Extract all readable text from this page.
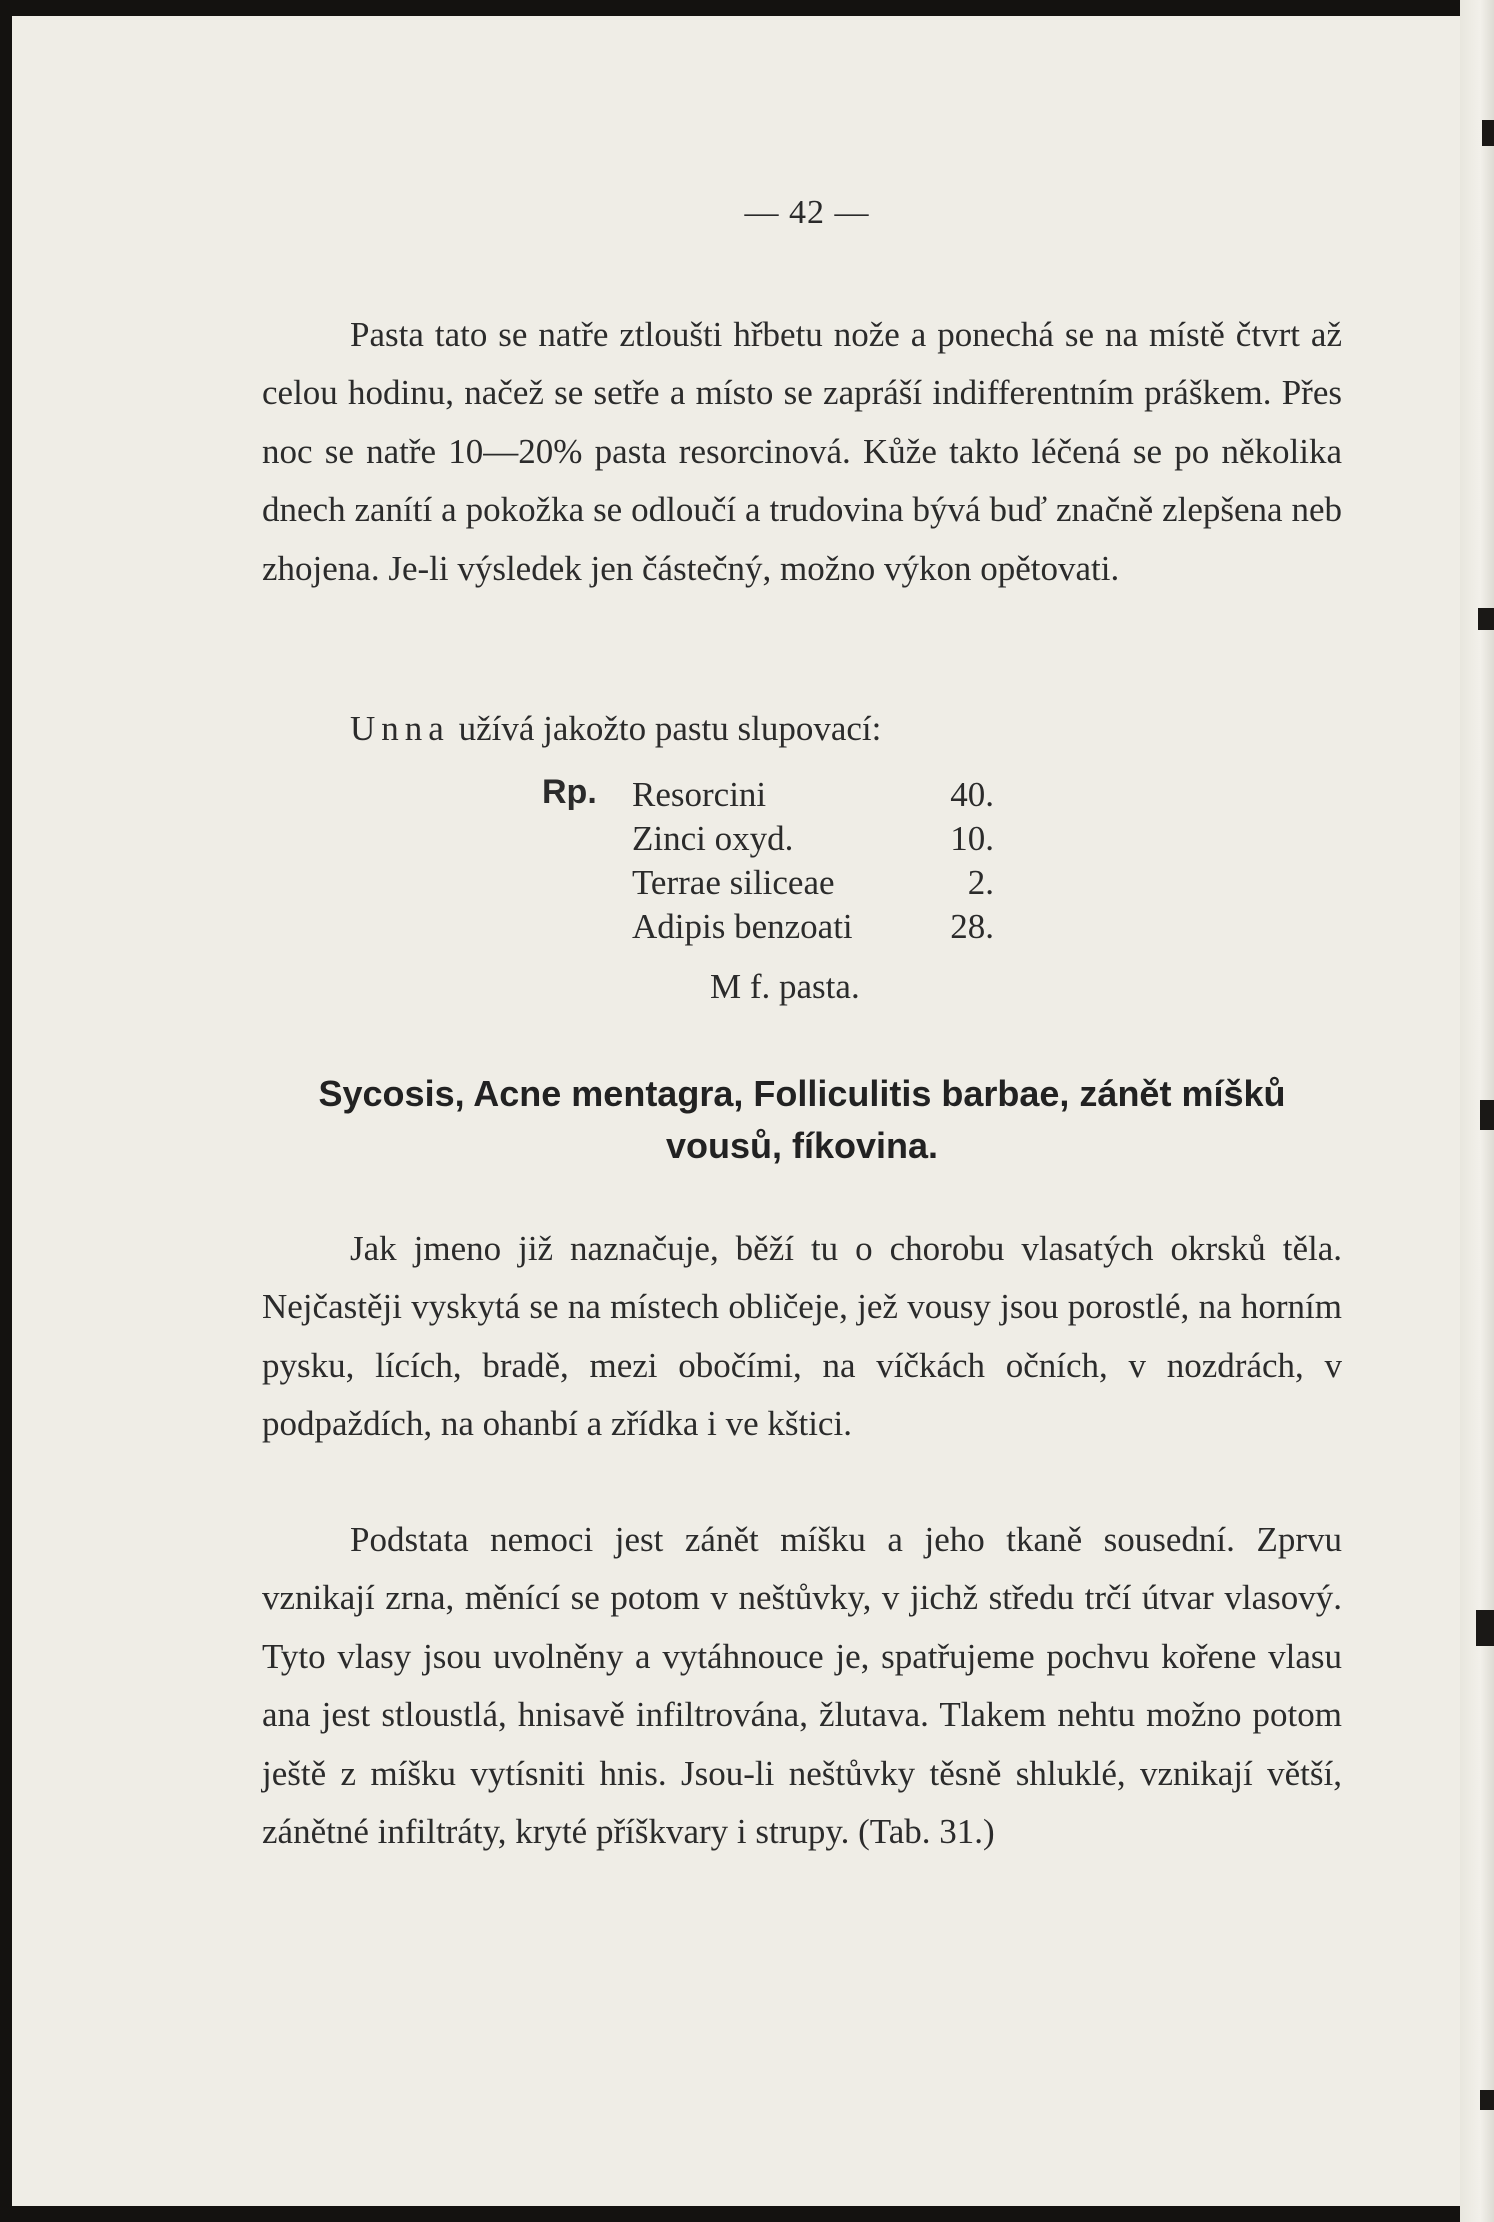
— 42 —

Pasta tato se natře ztloušti hřbetu nože a ponechá se na místě čtvrt až celou hodinu, načež se setře a místo se zapráší indifferentním práškem. Přes noc se natře 10—20% pasta resorcinová. Kůže takto léčená se po několika dnech zanítí a pokožka se odloučí a trudovina bývá buď značně zlepšena neb zhojena. Je-li výsledek jen částečný, možno výkon opětovati.

Unna užívá jakožto pastu slupovací:

Rp. Resorcini	40.
Zinci oxyd.	10.
Terrae siliceae	2.
Adipis benzoati	28.
M f. pasta.
Sycosis, Acne mentagra, Folliculitis barbae, zánět míšků vousů, fíkovina.

Jak jmeno již naznačuje, běží tu o chorobu vlasatých okrsků těla. Nejčastěji vyskytá se na místech obličeje, jež vousy jsou porostlé, na horním pysku, lících, bradě, mezi obočími, na víčkách očních, v nozdrách, v podpaždích, na ohanbí a zřídka i ve kštici.

Podstata nemoci jest zánět míšku a jeho tkaně sousední. Zprvu vznikají zrna, měnící se potom v neštůvky, v jichž středu trčí útvar vlasový. Tyto vlasy jsou uvolněny a vytáhnouce je, spatřujeme pochvu kořene vlasu ana jest stloustlá, hnisavě infiltrována, žlutava. Tlakem nehtu možno potom ještě z míšku vytísniti hnis. Jsou-li neštůvky těsně shluklé, vznikají větší, zánětné infiltráty, kryté příškvary i strupy. (Tab. 31.)
